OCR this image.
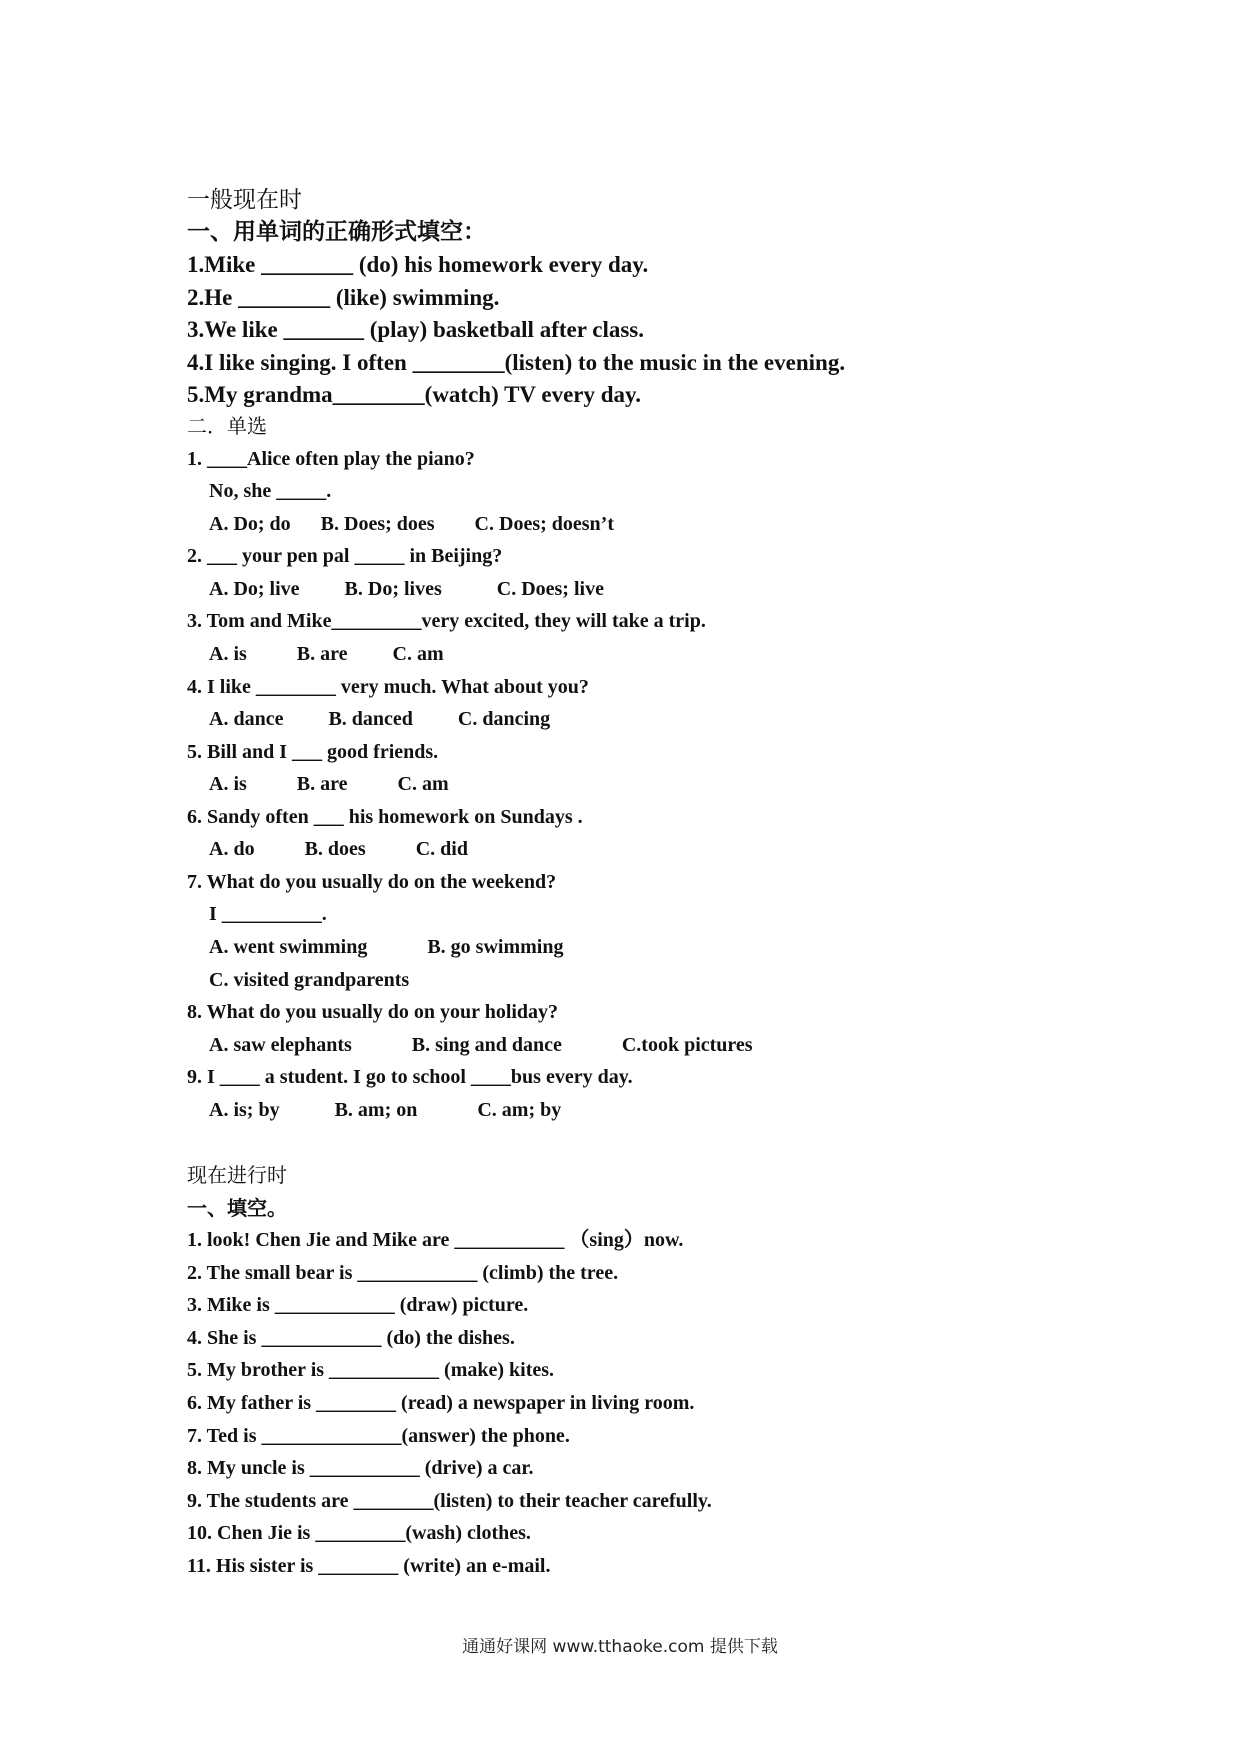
一般现在时
一、用单词的正确形式填空：
1.Mike ________ (do) his homework every day.
2.He ________ (like) swimming.
3.We like _______ (play) basketball after class.
4.I like singing. I often ________(listen) to the music in the evening.
5.My grandma________(watch) TV every day.
二．单选
1. ____Alice often play the piano?
No, she _____.
A. Do; do      B. Does; does        C. Does; doesn’t
2. ___ your pen pal _____ in Beijing?
A. Do; live         B. Do; lives           C. Does; live
3. Tom and Mike_________very excited, they will take a trip.
A. is          B. are         C. am
4. I like ________ very much. What about you?
A. dance         B. danced         C. dancing
5. Bill and I ___ good friends.
A. is          B. are          C. am
6. Sandy often ___ his homework on Sundays .
A. do          B. does          C. did
7. What do you usually do on the weekend?
I __________.
A. went swimming            B. go swimming
C. visited grandparents
8. What do you usually do on your holiday?
A. saw elephants            B. sing and dance            C.took pictures
9. I ____ a student. I go to school ____bus every day.
A. is; by           B. am; on            C. am; by
现在进行时
一、填空。
1. look! Chen Jie and Mike are ___________ （sing）now.
2. The small bear is ____________ (climb) the tree.
3. Mike is ____________ (draw) picture.
4. She is ____________ (do) the dishes.
5. My brother is ___________ (make) kites.
6. My father is ________ (read) a newspaper in living room.
7. Ted is ______________(answer) the phone.
8. My uncle is ___________ (drive) a car.
9. The students are ________(listen) to their teacher carefully.
10. Chen Jie is _________(wash) clothes.
11. His sister is ________ (write) an e-mail.
通通好课网 www.tthaoke.com 提供下载
